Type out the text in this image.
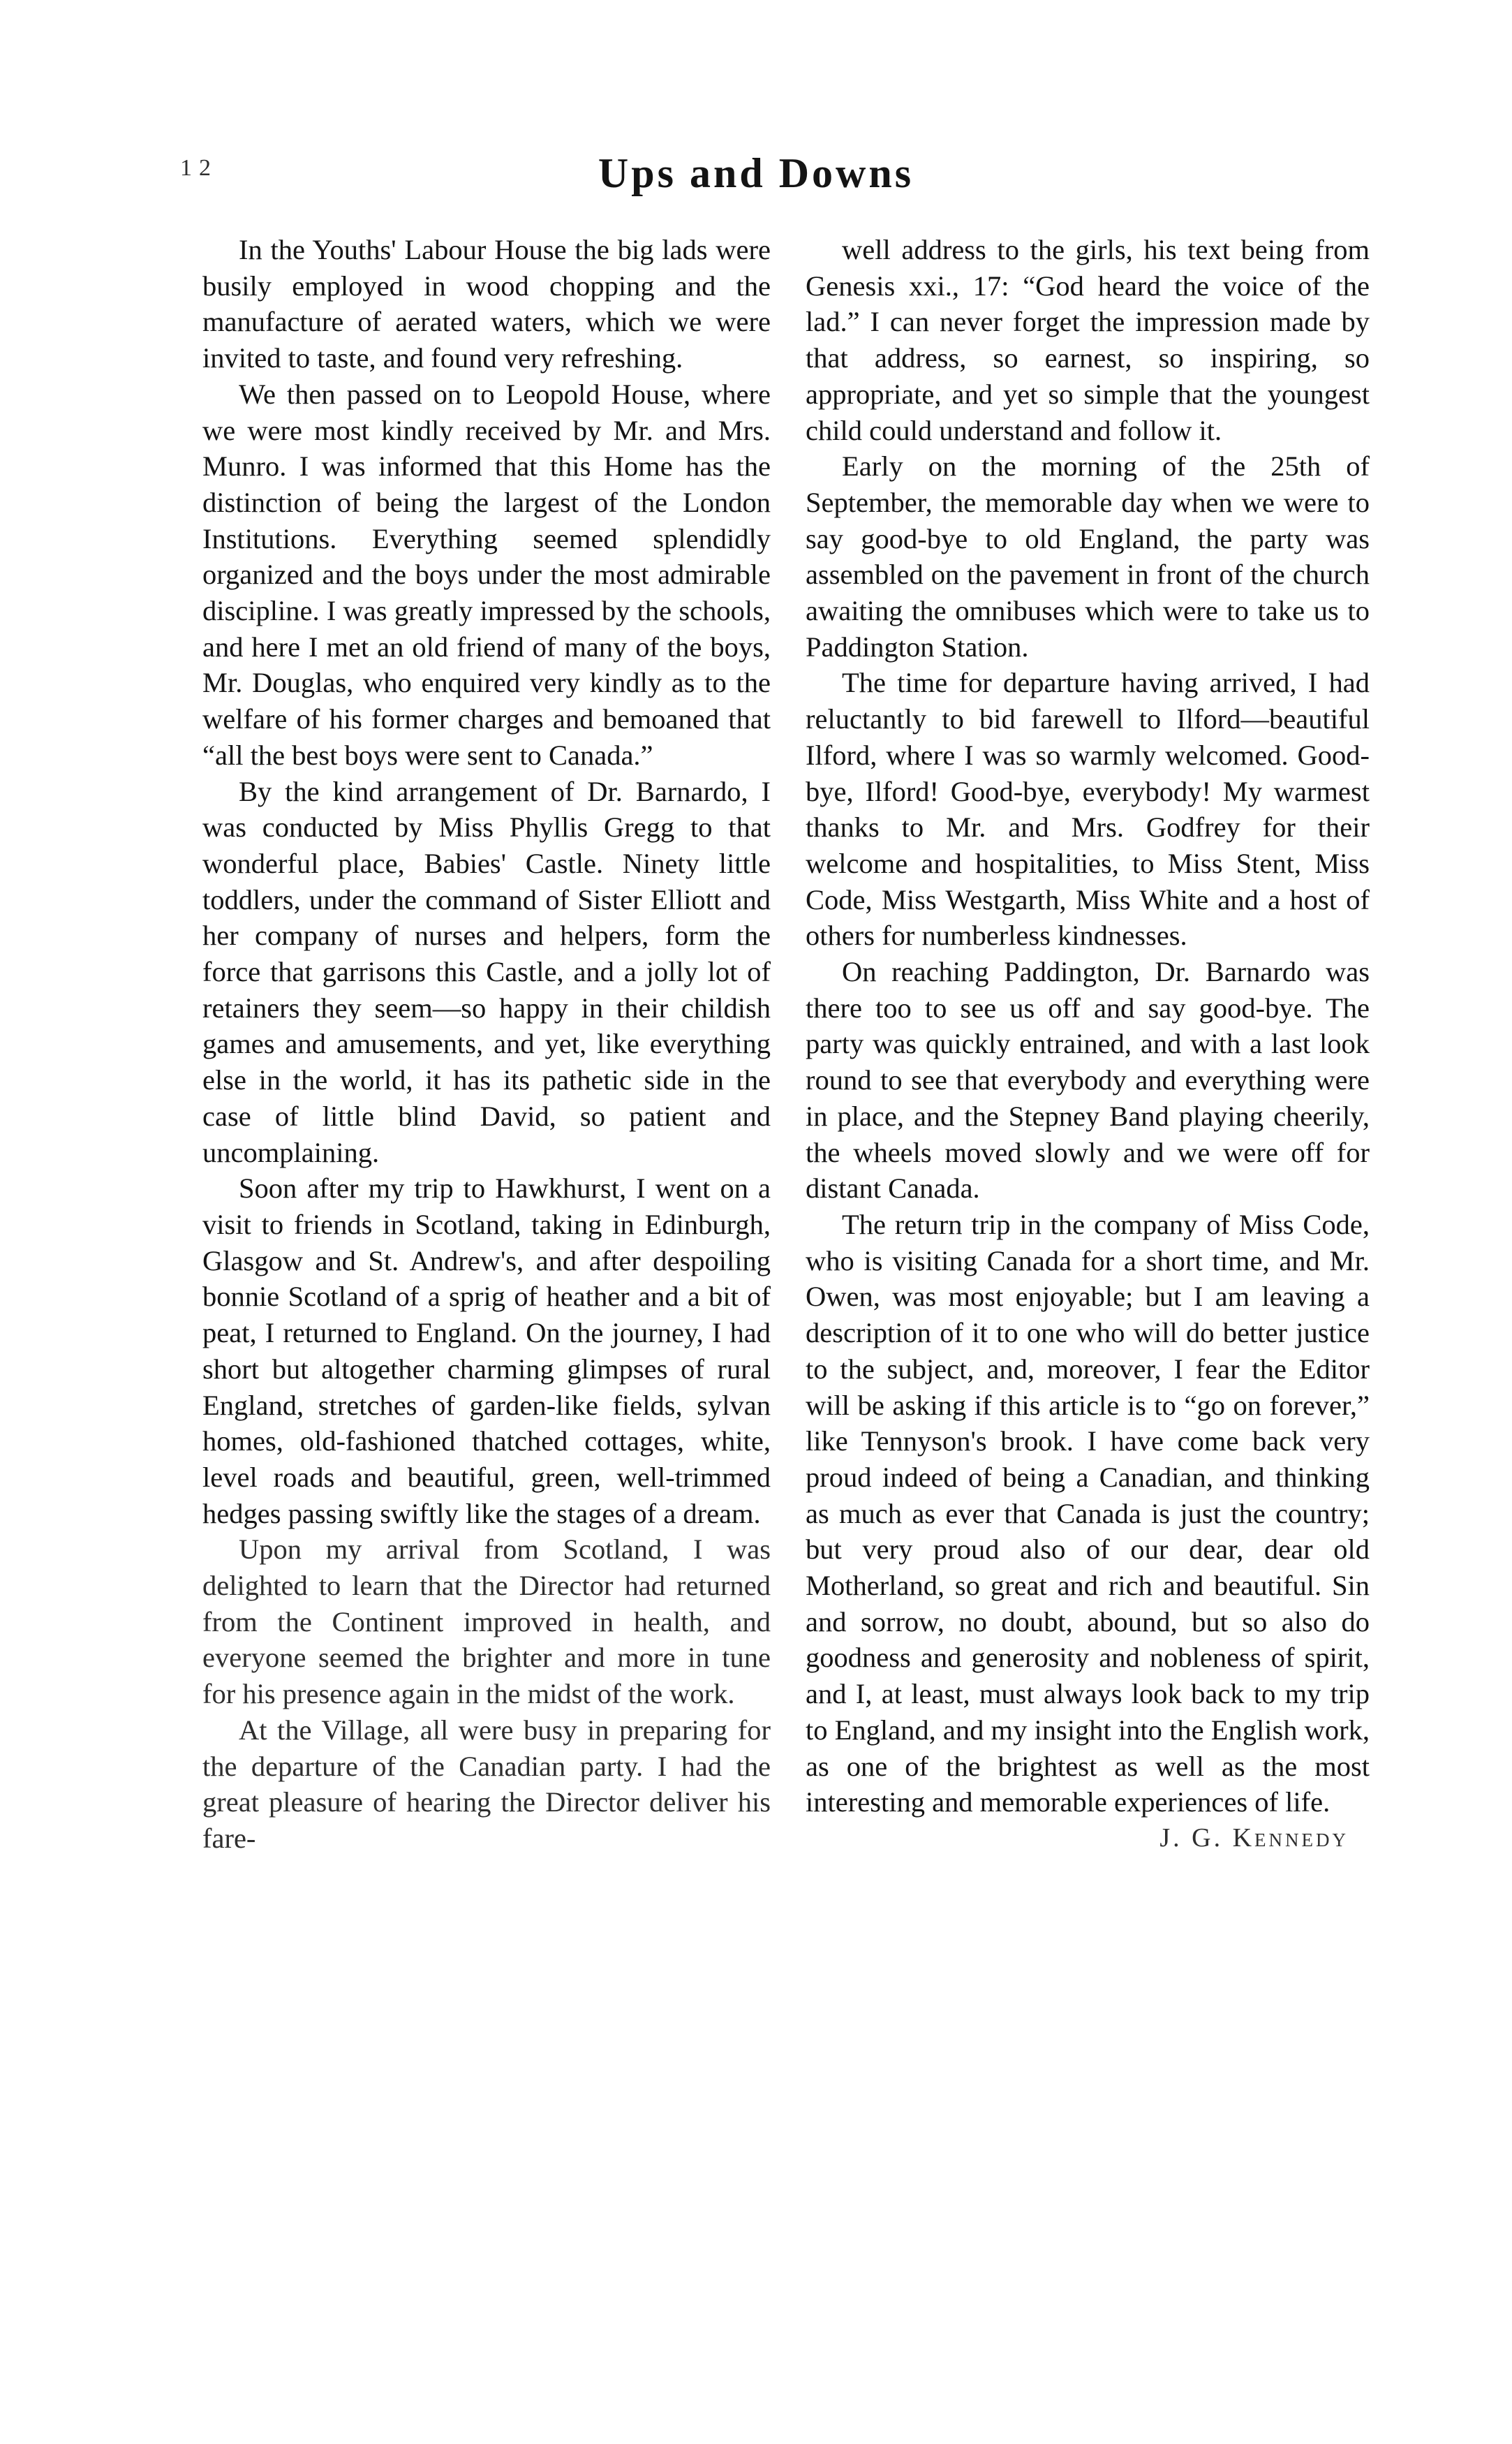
12	Ups and Downs

In the Youths' Labour House the big lads were busily employed in wood chopping and the manufacture of aerated waters, which we were invited to taste, and found very refreshing.

We then passed on to Leopold House, where we were most kindly received by Mr. and Mrs. Munro. I was informed that this Home has the distinction of being the largest of the London Institutions. Everything seemed splendidly organized and the boys under the most admirable discipline. I was greatly impressed by the schools, and here I met an old friend of many of the boys, Mr. Douglas, who enquired very kindly as to the welfare of his former charges and bemoaned that “all the best boys were sent to Canada.”

By the kind arrangement of Dr. Barnardo, I was conducted by Miss Phyllis Gregg to that wonderful place, Babies' Castle. Ninety little toddlers, under the command of Sister Elliott and her company of nurses and helpers, form the force that garrisons this Castle, and a jolly lot of retainers they seem—so happy in their childish games and amusements, and yet, like everything else in the world, it has its pathetic side in the case of little blind David, so patient and uncomplaining.

Soon after my trip to Hawkhurst, I went on a visit to friends in Scotland, taking in Edinburgh, Glasgow and St. Andrew's, and after despoiling bonnie Scotland of a sprig of heather and a bit of peat, I returned to England. On the journey, I had short but altogether charming glimpses of rural England, stretches of garden-like fields, sylvan homes, old-fashioned thatched cottages, white, level roads and beautiful, green, well-trimmed hedges passing swiftly like the stages of a dream.

Upon my arrival from Scotland, I was delighted to learn that the Director had returned from the Continent improved in health, and everyone seemed the brighter and more in tune for his presence again in the midst of the work.

At the Village, all were busy in preparing for the departure of the Canadian party. I had the great pleasure of hearing the Director deliver his fare-

well address to the girls, his text being from Genesis xxi., 17: “God heard the voice of the lad.” I can never forget the impression made by that address, so earnest, so inspiring, so appropriate, and yet so simple that the youngest child could understand and follow it.

Early on the morning of the 25th of September, the memorable day when we were to say good-bye to old England, the party was assembled on the pavement in front of the church awaiting the omnibuses which were to take us to Paddington Station.

The time for departure having arrived, I had reluctantly to bid farewell to Ilford—beautiful Ilford, where I was so warmly welcomed. Good-bye, Ilford! Good-bye, everybody! My warmest thanks to Mr. and Mrs. Godfrey for their welcome and hospitalities, to Miss Stent, Miss Code, Miss Westgarth, Miss White and a host of others for numberless kindnesses.

On reaching Paddington, Dr. Barnardo was there too to see us off and say good-bye. The party was quickly entrained, and with a last look round to see that everybody and everything were in place, and the Stepney Band playing cheerily, the wheels moved slowly and we were off for distant Canada.

The return trip in the company of Miss Code, who is visiting Canada for a short time, and Mr. Owen, was most enjoyable; but I am leaving a description of it to one who will do better justice to the subject, and, moreover, I fear the Editor will be asking if this article is to “go on forever,” like Tennyson's brook. I have come back very proud indeed of being a Canadian, and thinking as much as ever that Canada is just the country; but very proud also of our dear, dear old Motherland, so great and rich and beautiful. Sin and sorrow, no doubt, abound, but so also do goodness and generosity and nobleness of spirit, and I, at least, must always look back to my trip to England, and my insight into the English work, as one of the brightest as well as the most interesting and memorable experiences of life.

J. G. Kennedy
